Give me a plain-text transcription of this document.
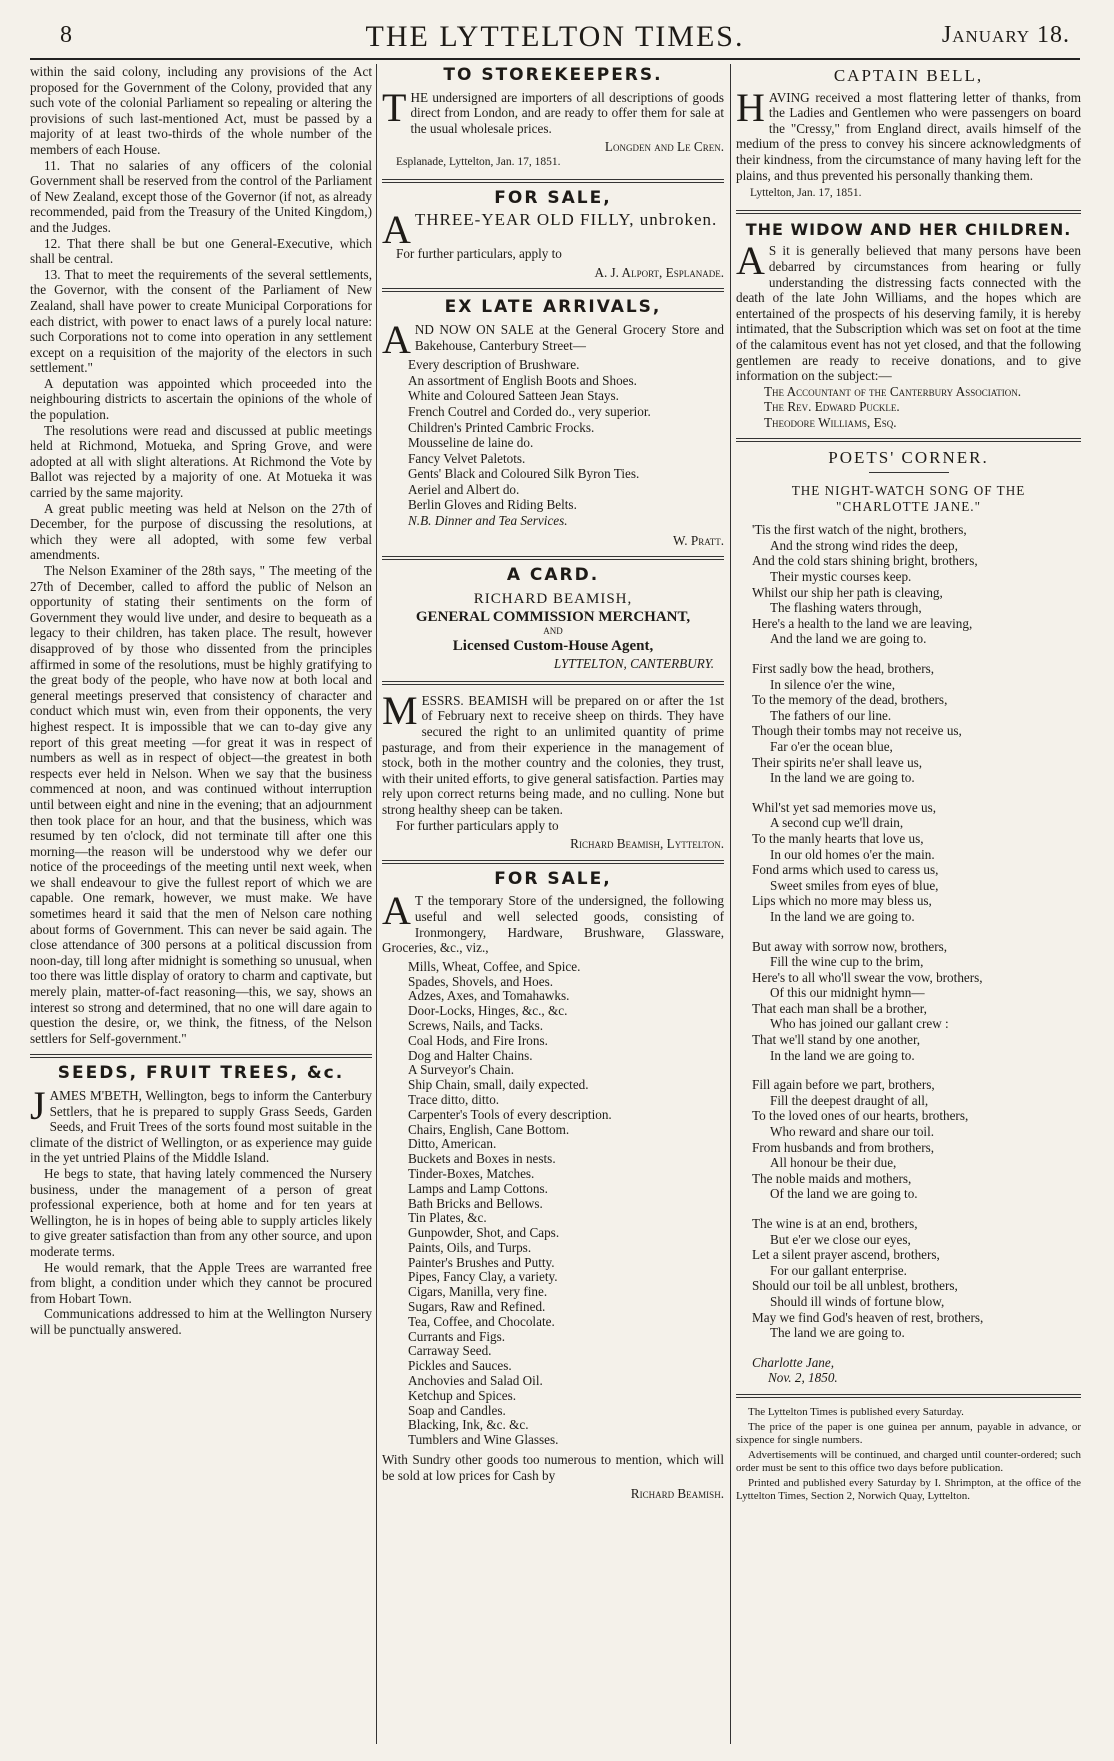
8	THE LYTTELTON TIMES.	January 18.

within the said colony, including any provisions of the Act proposed for the Government of the Colony, provided that any such vote of the colonial Parliament so repealing or altering the provisions of such last-mentioned Act, must be passed by a majority of at least two-thirds of the whole number of the members of each House.

11. That no salaries of any officers of the colonial Government shall be reserved from the control of the Parliament of New Zealand, except those of the Governor (if not, as already recommended, paid from the Treasury of the United Kingdom,) and the Judges.

12. That there shall be but one General-Executive, which shall be central.

13. That to meet the requirements of the several settlements, the Governor, with the consent of the Parliament of New Zealand, shall have power to create Municipal Corporations for each district, with power to enact laws of a purely local nature: such Corporations not to come into operation in any settlement except on a requisition of the majority of the electors in such settlement."

A deputation was appointed which proceeded into the neighbouring districts to ascertain the opinions of the whole of the population.

The resolutions were read and discussed at public meetings held at Richmond, Motueka, and Spring Grove, and were adopted at all with slight alterations. At Richmond the Vote by Ballot was rejected by a majority of one. At Motueka it was carried by the same majority.

A great public meeting was held at Nelson on the 27th of December, for the purpose of discussing the resolutions, at which they were all adopted, with some few verbal amendments.

The Nelson Examiner of the 28th says, " The meeting of the 27th of December, called to afford the public of Nelson an opportunity of stating their sentiments on the form of Government they would live under, and desire to bequeath as a legacy to their children, has taken place. The result, however disapproved of by those who dissented from the principles affirmed in some of the resolutions, must be highly gratifying to the great body of the people, who have now at both local and general meetings preserved that consistency of character and conduct which must win, even from their opponents, the very highest respect. It is impossible that we can to-day give any report of this great meeting —for great it was in respect of numbers as well as in respect of object—the greatest in both respects ever held in Nelson. When we say that the business commenced at noon, and was continued without interruption until between eight and nine in the evening; that an adjournment then took place for an hour, and that the business, which was resumed by ten o'clock, did not terminate till after one this morning—the reason will be understood why we defer our notice of the proceedings of the meeting until next week, when we shall endeavour to give the fullest report of which we are capable. One remark, however, we must make. We have sometimes heard it said that the men of Nelson care nothing about forms of Government. This can never be said again. The close attendance of 300 persons at a political discussion from noon-day, till long after midnight is something so unusual, when too there was little display of oratory to charm and captivate, but merely plain, matter-of-fact reasoning—this, we say, shows an interest so strong and determined, that no one will dare again to question the desire, or, we think, the fitness, of the Nelson settlers for Self-government."

SEEDS, FRUIT TREES, &c.

JAMES M'BETH, Wellington, begs to inform the Canterbury Settlers, that he is prepared to supply Grass Seeds, Garden Seeds, and Fruit Trees of the sorts found most suitable in the climate of the district of Wellington, or as experience may guide in the yet untried Plains of the Middle Island.

He begs to state, that having lately commenced the Nursery business, under the management of a person of great professional experience, both at home and for ten years at Wellington, he is in hopes of being able to supply articles likely to give greater satisfaction than from any other source, and upon moderate terms.

He would remark, that the Apple Trees are warranted free from blight, a condition under which they cannot be procured from Hobart Town.

Communications addressed to him at the Wellington Nursery will be punctually answered.

TO STOREKEEPERS.

THE undersigned are importers of all descriptions of goods direct from London, and are ready to offer them for sale at the usual wholesale prices.

Longden and Le Cren.
Esplanade, Lyttelton, Jan. 17, 1851.
FOR SALE,

ATHREE-YEAR OLD FILLY, unbroken.

For further particulars, apply to

A. J. Alport, Esplanade.
EX LATE ARRIVALS,

AND NOW ON SALE at the General Grocery Store and Bakehouse, Canterbury Street—

Every description of Brushware.
An assortment of English Boots and Shoes.
White and Coloured Satteen Jean Stays.
French Coutrel and Corded do., very superior.
Children's Printed Cambric Frocks.
Mousseline de laine do.
Fancy Velvet Paletots.
Gents' Black and Coloured Silk Byron Ties.
Aeriel and Albert do.
Berlin Gloves and Riding Belts.
N.B. Dinner and Tea Services.
W. Pratt.
A CARD.
RICHARD BEAMISH,
GENERAL COMMISSION MERCHANT,
AND
Licensed Custom-House Agent,
LYTTELTON, CANTERBURY.

MESSRS. BEAMISH will be prepared on or after the 1st of February next to receive sheep on thirds. They have secured the right to an unlimited quantity of prime pasturage, and from their experience in the management of stock, both in the mother country and the colonies, they trust, with their united efforts, to give general satisfaction. Parties may rely upon correct returns being made, and no culling. None but strong healthy sheep can be taken.

For further particulars apply to

Richard Beamish, Lyttelton.
FOR SALE,

A T the temporary Store of the undersigned, the following useful and well selected goods, consisting of Ironmongery, Hardware, Brushware, Glassware, Groceries, &c., viz.,

Mills, Wheat, Coffee, and Spice.
Spades, Shovels, and Hoes.
Adzes, Axes, and Tomahawks.
Door-Locks, Hinges, &c., &c.
Screws, Nails, and Tacks.
Coal Hods, and Fire Irons.
Dog and Halter Chains.
A Surveyor's Chain.
Ship Chain, small, daily expected.
Trace ditto, ditto.
Carpenter's Tools of every description.
Chairs, English, Cane Bottom.
Ditto, American.
Buckets and Boxes in nests.
Tinder-Boxes, Matches.
Lamps and Lamp Cottons.
Bath Bricks and Bellows.
Tin Plates, &c.
Gunpowder, Shot, and Caps.
Paints, Oils, and Turps.
Painter's Brushes and Putty.
Pipes, Fancy Clay, a variety.
Cigars, Manilla, very fine.
Sugars, Raw and Refined.
Tea, Coffee, and Chocolate.
Currants and Figs.
Carraway Seed.
Pickles and Sauces.
Anchovies and Salad Oil.
Ketchup and Spices.
Soap and Candles.
Blacking, Ink, &c. &c.
Tumblers and Wine Glasses.

With Sundry other goods too numerous to mention, which will be sold at low prices for Cash by

Richard Beamish.
CAPTAIN BELL,

HAVING received a most flattering letter of thanks, from the Ladies and Gentlemen who were passengers on board the "Cressy," from England direct, avails himself of the medium of the press to convey his sincere acknowledgments of their kindness, from the circumstance of many having left for the plains, and thus prevented his personally thanking them.

Lyttelton, Jan. 17, 1851.
THE WIDOW AND HER CHILDREN.

A S it is generally believed that many persons have been debarred by circumstances from hearing or fully understanding the distressing facts connected with the death of the late John Williams, and the hopes which are entertained of the prospects of his deserving family, it is hereby intimated, that the Subscription which was set on foot at the time of the calamitous event has not yet closed, and that the following gentlemen are ready to receive donations, and to give information on the subject:—

The Accountant of the Canterbury Association.
The Rev. Edward Puckle.
Theodore Williams, Esq.
POETS' CORNER.
THE NIGHT-WATCH SONG OF THE
"CHARLOTTE JANE."
'Tis the first watch of the night, brothers,
And the strong wind rides the deep,
And the cold stars shining bright, brothers,
Their mystic courses keep.
Whilst our ship her path is cleaving,
The flashing waters through,
Here's a health to the land we are leaving,
And the land we are going to.
First sadly bow the head, brothers,
In silence o'er the wine,
To the memory of the dead, brothers,
The fathers of our line.
Though their tombs may not receive us,
Far o'er the ocean blue,
Their spirits ne'er shall leave us,
In the land we are going to.
Whil'st yet sad memories move us,
A second cup we'll drain,
To the manly hearts that love us,
In our old homes o'er the main.
Fond arms which used to caress us,
Sweet smiles from eyes of blue,
Lips which no more may bless us,
In the land we are going to.
But away with sorrow now, brothers,
Fill the wine cup to the brim,
Here's to all who'll swear the vow, brothers,
Of this our midnight hymn—
That each man shall be a brother,
Who has joined our gallant crew :
That we'll stand by one another,
In the land we are going to.
Fill again before we part, brothers,
Fill the deepest draught of all,
To the loved ones of our hearts, brothers,
Who reward and share our toil.
From husbands and from brothers,
All honour be their due,
The noble maids and mothers,
Of the land we are going to.
The wine is at an end, brothers,
But e'er we close our eyes,
Let a silent prayer ascend, brothers,
For our gallant enterprise.
Should our toil be all unblest, brothers,
Should ill winds of fortune blow,
May we find God's heaven of rest, brothers,
The land we are going to.
Charlotte Jane,
Nov. 2, 1850.

The Lyttelton Times is published every Saturday.

The price of the paper is one guinea per annum, payable in advance, or sixpence for single numbers.

Advertisements will be continued, and charged until counter-ordered; such order must be sent to this office two days before publication.

Printed and published every Saturday by I. Shrimpton, at the office of the Lyttelton Times, Section 2, Norwich Quay, Lyttelton.
